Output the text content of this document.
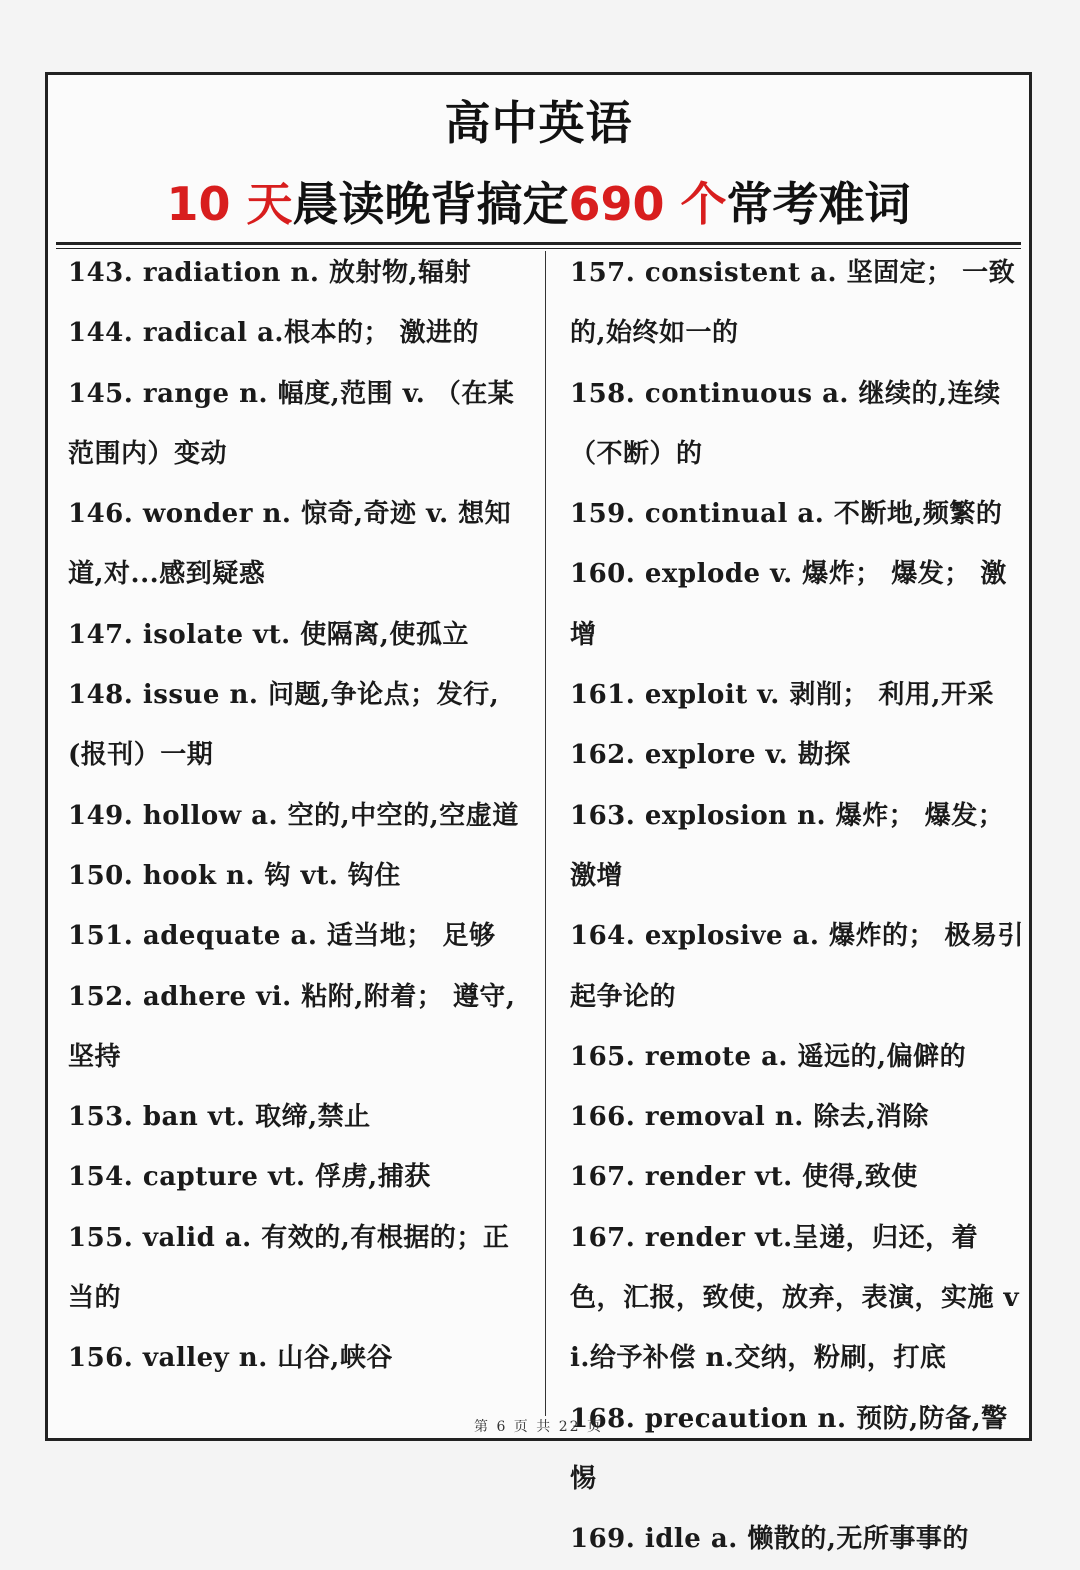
高中英语
10 天晨读晚背搞定690 个常考难词
143. radiation n. 放射物,辐射
144. radical a.根本的； 激进的
145. range n. 幅度,范围 v. （在某范围内）变动
146. wonder n. 惊奇,奇迹 v. 想知道,对...感到疑惑
147. isolate vt. 使隔离,使孤立
148. issue n. 问题,争论点；发行,(报刊）一期
149. hollow a. 空的,中空的,空虚道
150. hook n. 钩 vt. 钩住
151. adequate a. 适当地； 足够
152. adhere vi. 粘附,附着； 遵守,坚持
153. ban vt. 取缔,禁止
154. capture vt. 俘虏,捕获
155. valid a. 有效的,有根据的；正当的
156. valley n. 山谷,峡谷
157. consistent a. 坚固定； 一致的,始终如一的
158. continuous a. 继续的,连续（不断）的
159. continual a. 不断地,频繁的
160. explode v. 爆炸； 爆发； 激增
161. exploit v. 剥削； 利用,开采
162. explore v. 勘探
163. explosion n. 爆炸； 爆发； 激增
164. explosive a. 爆炸的； 极易引起争论的
165. remote a. 遥远的,偏僻的
166. removal n. 除去,消除
167. render vt. 使得,致使
167. render vt.呈递，归还，着色，汇报，致使，放弃，表演，实施 vi.给予补偿 n.交纳，粉刷，打底
168. precaution n. 预防,防备,警惕
169. idle a. 懒散的,无所事事的
第 6 页 共 22 页
